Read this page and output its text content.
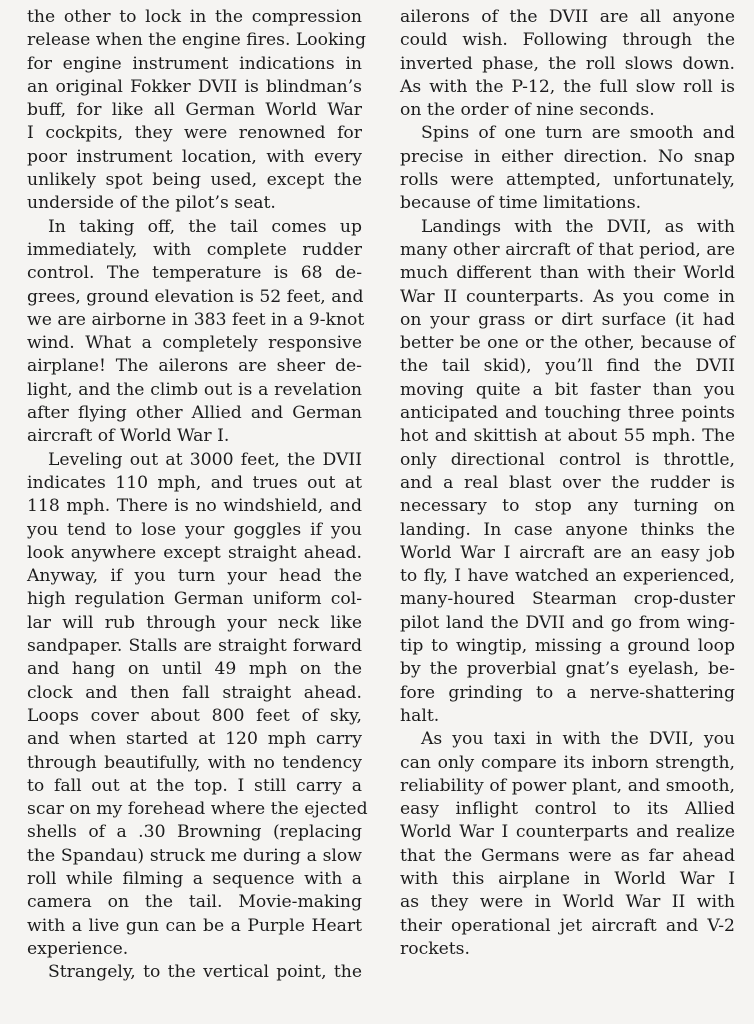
the other to lock in the compression
release when the engine fires. Looking
for engine instrument indications in
an original Fokker DVII is blindman’s
buff, for like all German World War
I cockpits, they were renowned for
poor instrument location, with every
unlikely spot being used, except the
underside of the pilot’s seat.
In taking off, the tail comes up
immediately, with complete rudder
control. The temperature is 68 de-
grees, ground elevation is 52 feet, and
we are airborne in 383 feet in a 9-knot
wind. What a completely responsive
airplane! The ailerons are sheer de-
light, and the climb out is a revelation
after flying other Allied and German
aircraft of World War I.
Leveling out at 3000 feet, the DVII
indicates 110 mph, and trues out at
118 mph. There is no windshield, and
you tend to lose your goggles if you
look anywhere except straight ahead.
Anyway, if you turn your head the
high regulation German uniform col-
lar will rub through your neck like
sandpaper. Stalls are straight forward
and hang on until 49 mph on the
clock and then fall straight ahead.
Loops cover about 800 feet of sky,
and when started at 120 mph carry
through beautifully, with no tendency
to fall out at the top. I still carry a
scar on my forehead where the ejected
shells of a .30 Browning (replacing
the Spandau) struck me during a slow
roll while filming a sequence with a
camera on the tail. Movie-making
with a live gun can be a Purple Heart
experience.
Strangely, to the vertical point, the
ailerons of the DVII are all anyone
could wish. Following through the
inverted phase, the roll slows down.
As with the P-12, the full slow roll is
on the order of nine seconds.
Spins of one turn are smooth and
precise in either direction. No snap
rolls were attempted, unfortunately,
because of time limitations.
Landings with the DVII, as with
many other aircraft of that period, are
much different than with their World
War II counterparts. As you come in
on your grass or dirt surface (it had
better be one or the other, because of
the tail skid), you’ll find the DVII
moving quite a bit faster than you
anticipated and touching three points
hot and skittish at about 55 mph. The
only directional control is throttle,
and a real blast over the rudder is
necessary to stop any turning on
landing. In case anyone thinks the
World War I aircraft are an easy job
to fly, I have watched an experienced,
many-houred Stearman crop-duster
pilot land the DVII and go from wing-
tip to wingtip, missing a ground loop
by the proverbial gnat’s eyelash, be-
fore grinding to a nerve-shattering
halt.
As you taxi in with the DVII, you
can only compare its inborn strength,
reliability of power plant, and smooth,
easy inflight control to its Allied
World War I counterparts and realize
that the Germans were as far ahead
with this airplane in World War I
as they were in World War II with
their operational jet aircraft and V-2
rockets.
